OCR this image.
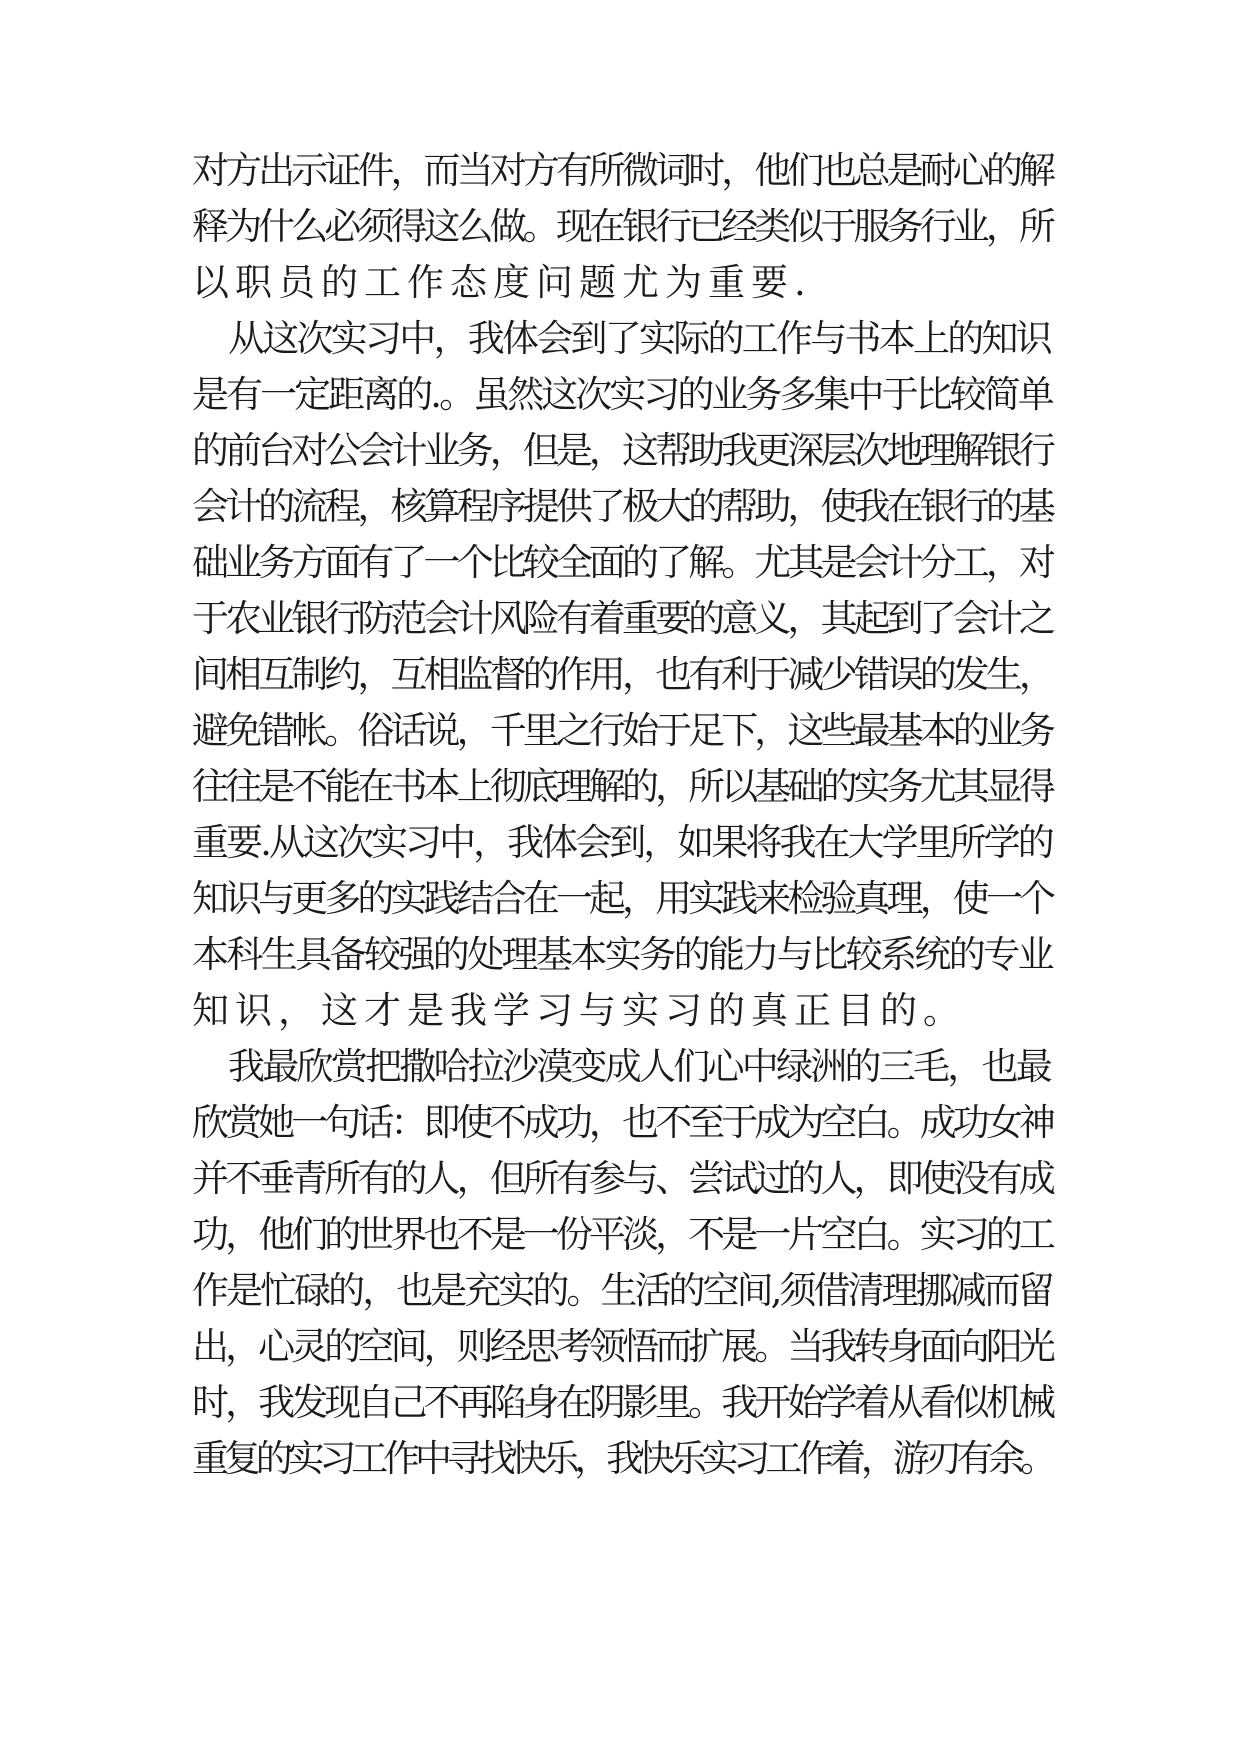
对方出示证件，而当对方有所微词时，他们也总是耐心的解
释为什么必须得这么做。现在银行已经类似于服务行业，所
以职员的工作态度问题尤为重要.
从这次实习中，我体会到了实际的工作与书本上的知识
是有一定距离的.。虽然这次实习的业务多集中于比较简单
的前台对公会计业务，但是，这帮助我更深层次地理解银行
会计的流程，核算程序提供了极大的帮助，使我在银行的基
础业务方面有了一个比较全面的了解。尤其是会计分工，对
于农业银行防范会计风险有着重要的意义，其起到了会计之
间相互制约，互相监督的作用，也有利于减少错误的发生，
避免错帐。俗话说，千里之行始于足下，这些最基本的业务
往往是不能在书本上彻底理解的，所以基础的实务尤其显得
重要.从这次实习中，我体会到，如果将我在大学里所学的
知识与更多的实践结合在一起，用实践来检验真理，使一个
本科生具备较强的处理基本实务的能力与比较系统的专业
知识，这才是我学习与实习的真正目的。
我最欣赏把撒哈拉沙漠变成人们心中绿洲的三毛，也最
欣赏她一句话：即使不成功，也不至于成为空白。成功女神
并不垂青所有的人，但所有参与、尝试过的人，即使没有成
功，他们的世界也不是一份平淡，不是一片空白。实习的工
作是忙碌的，也是充实的。生活的空间,须借清理挪减而留
出，心灵的空间，则经思考领悟而扩展。当我转身面向阳光
时，我发现自己不再陷身在阴影里。我开始学着从看似机械
重复的实习工作中寻找快乐，我快乐实习工作着，游刃有余。
